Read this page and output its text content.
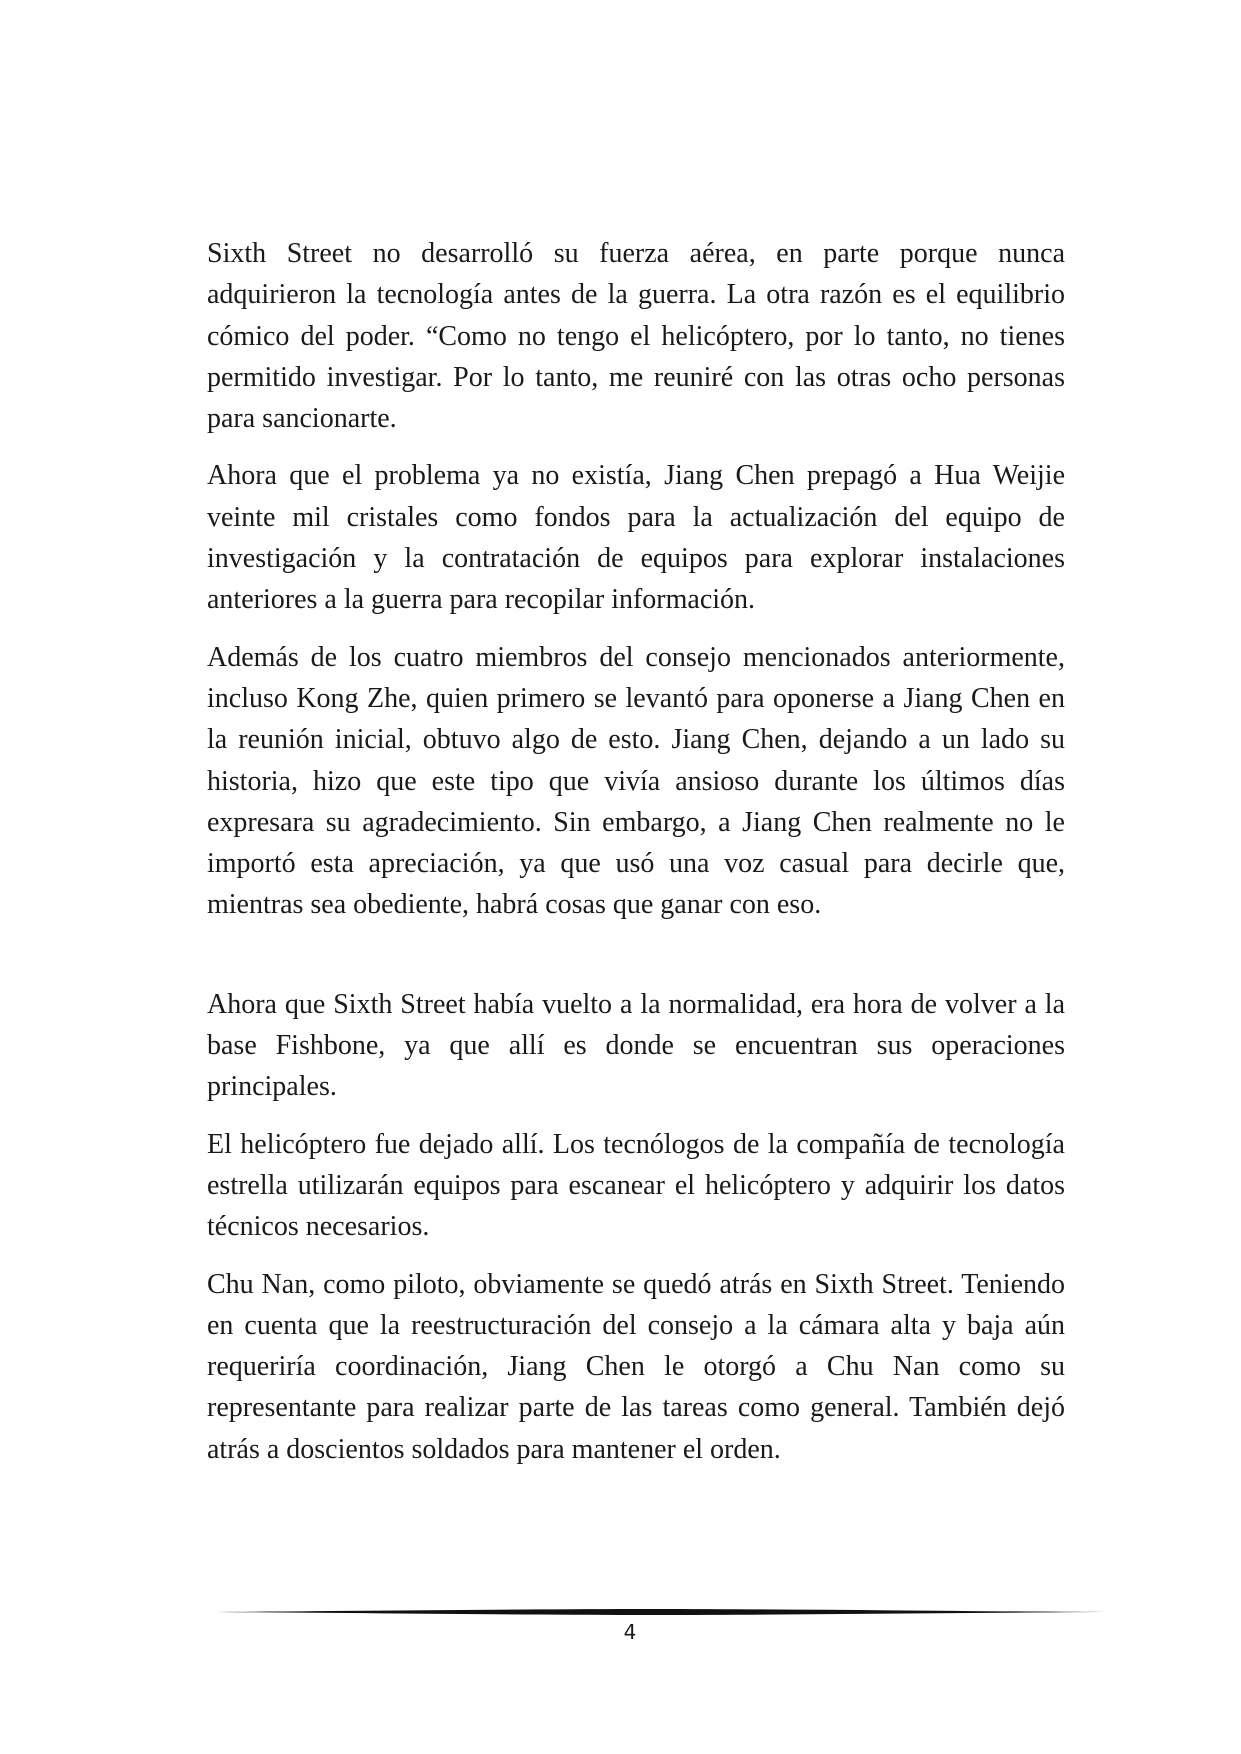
Sixth Street no desarrolló su fuerza aérea, en parte porque nunca adquirieron la tecnología antes de la guerra. La otra razón es el equilibrio cómico del poder. “Como no tengo el helicóptero, por lo tanto, no tienes permitido investigar. Por lo tanto, me reuniré con las otras ocho personas para sancionarte.

Ahora que el problema ya no existía, Jiang Chen prepagó a Hua Weijie veinte mil cristales como fondos para la actualización del equipo de investigación y la contratación de equipos para explorar instalaciones anteriores a la guerra para recopilar información.

Además de los cuatro miembros del consejo mencionados anteriormente, incluso Kong Zhe, quien primero se levantó para oponerse a Jiang Chen en la reunión inicial, obtuvo algo de esto. Jiang Chen, dejando a un lado su historia, hizo que este tipo que vivía ansioso durante los últimos días expresara su agradecimiento. Sin embargo, a Jiang Chen realmente no le importó esta apreciación, ya que usó una voz casual para decirle que, mientras sea obediente, habrá cosas que ganar con eso.

Ahora que Sixth Street había vuelto a la normalidad, era hora de volver a la base Fishbone, ya que allí es donde se encuentran sus operaciones principales.

El helicóptero fue dejado allí. Los tecnólogos de la compañía de tecnología estrella utilizarán equipos para escanear el helicóptero y adquirir los datos técnicos necesarios.

Chu Nan, como piloto, obviamente se quedó atrás en Sixth Street. Teniendo en cuenta que la reestructuración del consejo a la cámara alta y baja aún requeriría coordinación, Jiang Chen le otorgó a Chu Nan como su representante para realizar parte de las tareas como general. También dejó atrás a doscientos soldados para mantener el orden.

4
